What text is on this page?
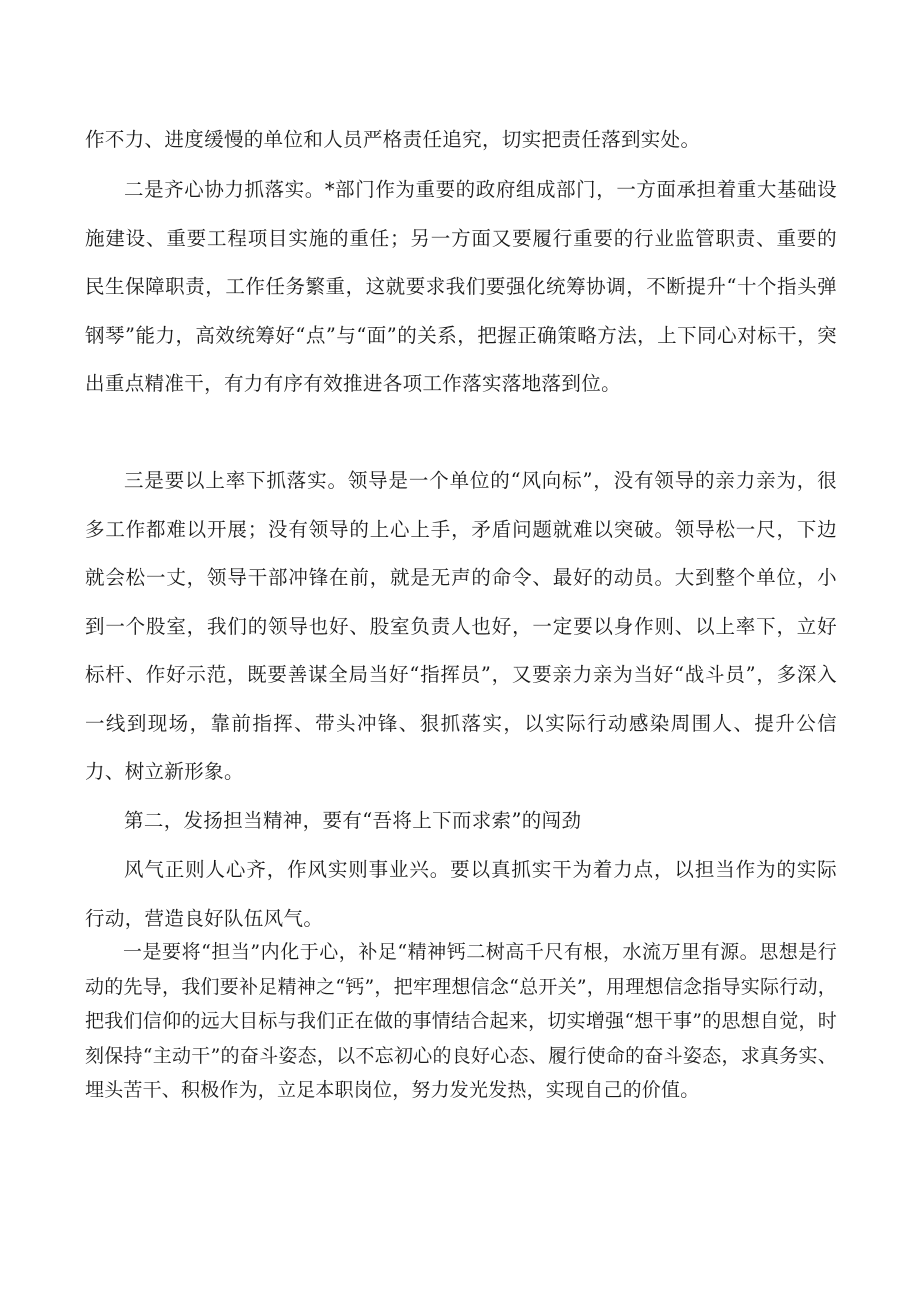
作不力、进度缓慢的单位和人员严格责任追究，切实把责任落到实处。

二是齐心协力抓落实。*部门作为重要的政府组成部门，一方面承担着重大基础设施建设、重要工程项目实施的重任；另一方面又要履行重要的行业监管职责、重要的民生保障职责，工作任务繁重，这就要求我们要强化统筹协调，不断提升“十个指头弹钢琴”能力，高效统筹好“点”与“面”的关系，把握正确策略方法，上下同心对标干，突出重点精准干，有力有序有效推进各项工作落实落地落到位。

三是要以上率下抓落实。领导是一个单位的“风向标”，没有领导的亲力亲为，很多工作都难以开展；没有领导的上心上手，矛盾问题就难以突破。领导松一尺，下边就会松一丈，领导干部冲锋在前，就是无声的命令、最好的动员。大到整个单位，小到一个股室，我们的领导也好、股室负责人也好，一定要以身作则、以上率下，立好标杆、作好示范，既要善谋全局当好“指挥员”，又要亲力亲为当好“战斗员”，多深入一线到现场，靠前指挥、带头冲锋、狠抓落实，以实际行动感染周围人、提升公信力、树立新形象。

第二，发扬担当精神，要有“吾将上下而求索”的闯劲

风气正则人心齐，作风实则事业兴。要以真抓实干为着力点，以担当作为的实际行动，营造良好队伍风气。

一是要将“担当”内化于心，补足“精神钙二树高千尺有根，水流万里有源。思想是行动的先导，我们要补足精神之“钙”，把牢理想信念“总开关”，用理想信念指导实际行动，把我们信仰的远大目标与我们正在做的事情结合起来，切实增强“想干事”的思想自觉，时刻保持“主动干”的奋斗姿态，以不忘初心的良好心态、履行使命的奋斗姿态，求真务实、埋头苦干、积极作为，立足本职岗位，努力发光发热，实现自己的价值。
